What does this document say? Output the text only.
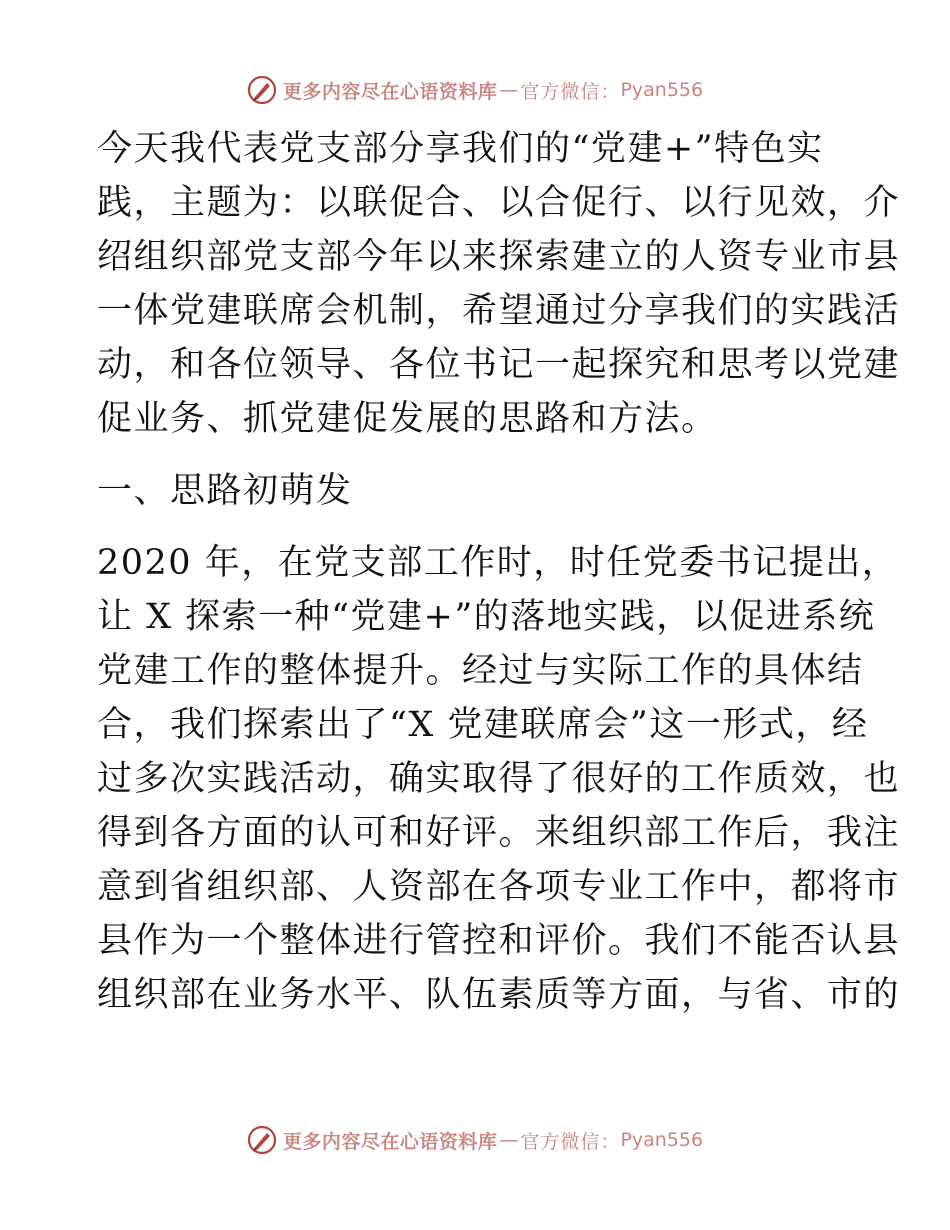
更多内容尽在心语资料库 — 官方微信： Pyan556
今天我代表党支部分享我们的“党建+”特色实
践，主题为：以联促合、以合促行、以行见效，介
绍组织部党支部今年以来探索建立的人资专业市县
一体党建联席会机制，希望通过分享我们的实践活
动，和各位领导、各位书记一起探究和思考以党建
促业务、抓党建促发展的思路和方法。
一、思路初萌发
2020 年，在党支部工作时，时任党委书记提出，
让 X 探索一种“党建+”的落地实践，以促进系统
党建工作的整体提升。经过与实际工作的具体结
合，我们探索出了“X 党建联席会”这一形式，经
过多次实践活动，确实取得了很好的工作质效，也
得到各方面的认可和好评。来组织部工作后，我注
意到省组织部、人资部在各项专业工作中，都将市
县作为一个整体进行管控和评价。我们不能否认县
组织部在业务水平、队伍素质等方面，与省、市的
更多内容尽在心语资料库 — 官方微信： Pyan556
